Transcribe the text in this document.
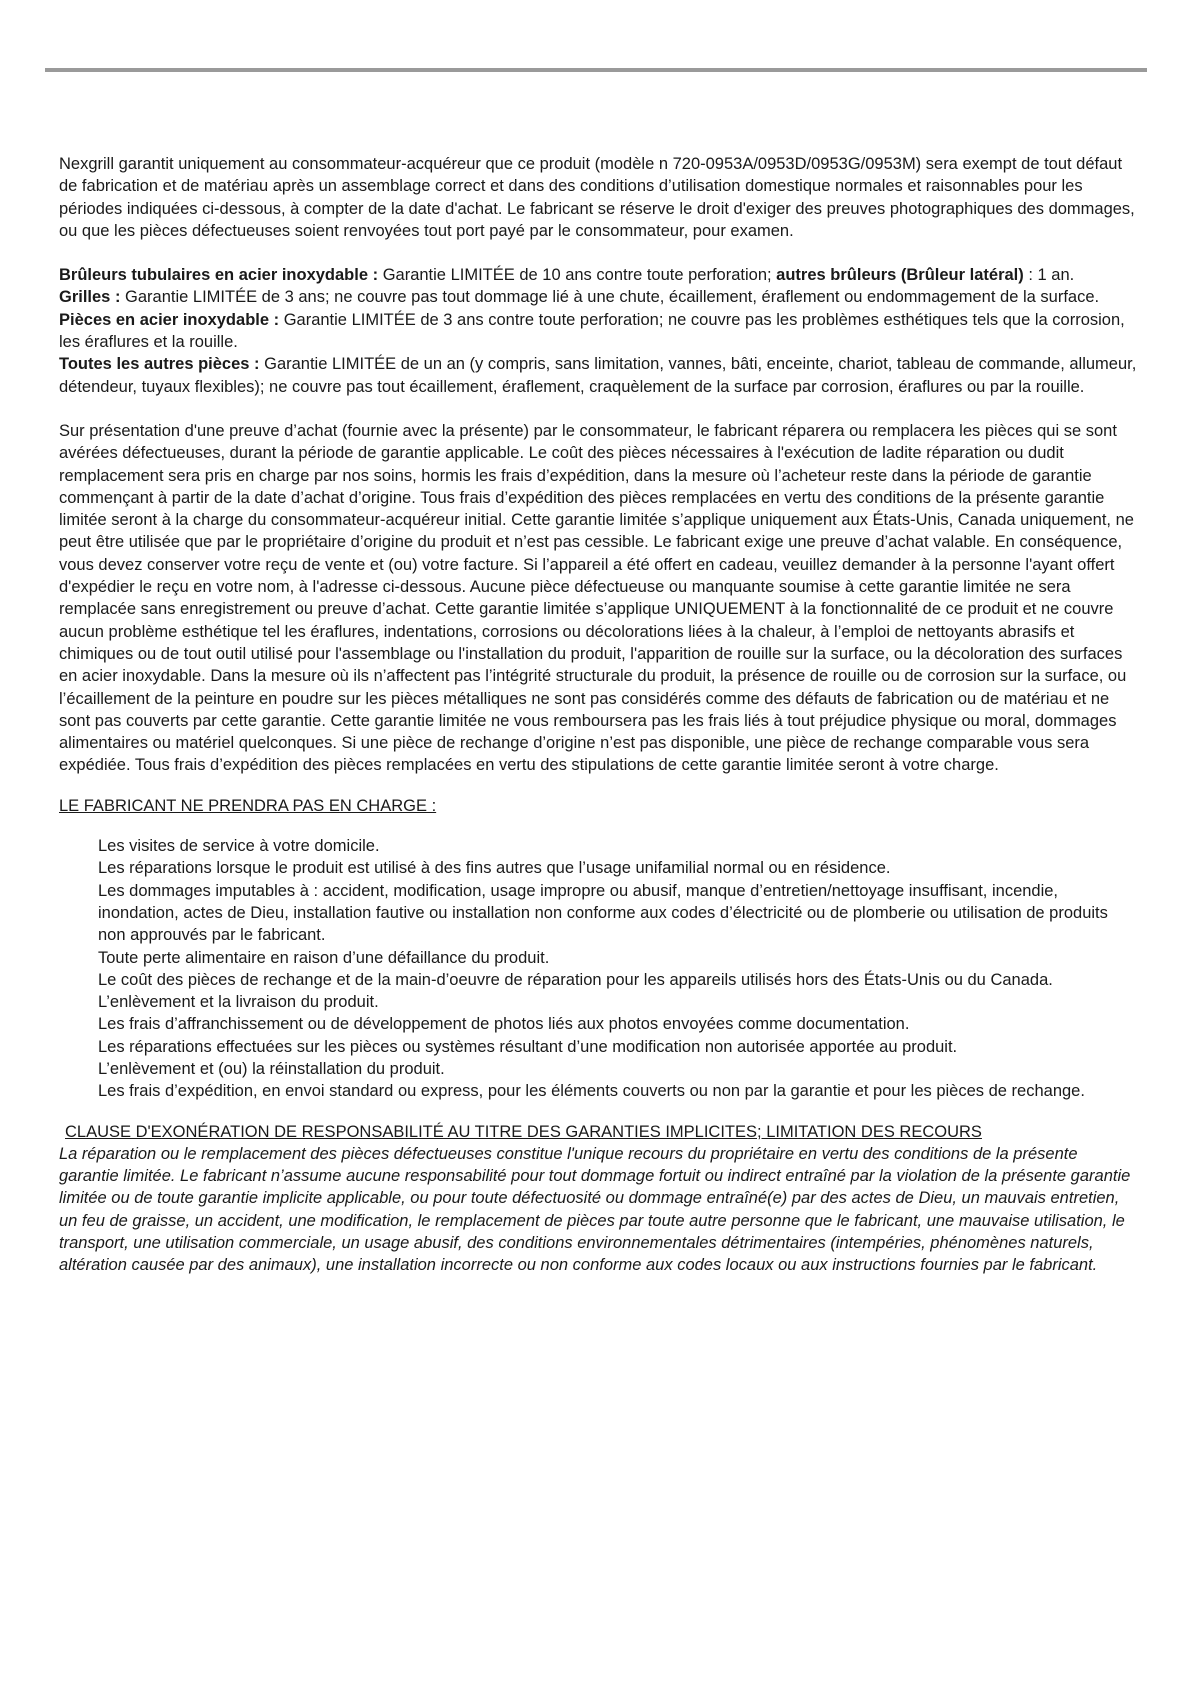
Nexgrill garantit uniquement au consommateur-acquéreur que ce produit (modèle n 720-0953A/0953D/0953G/0953M) sera exempt de tout défaut de fabrication et de matériau après un assemblage correct et dans des conditions d’utilisation domestique normales et raisonnables pour les périodes indiquées ci-dessous, à compter de la date d'achat. Le fabricant se réserve le droit d'exiger des preuves photographiques des dommages, ou que les pièces défectueuses soient renvoyées tout port payé par le consommateur, pour examen.

Brûleurs tubulaires en acier inoxydable : Garantie LIMITÉE de 10 ans contre toute perforation; autres brûleurs (Brûleur latéral) : 1 an.

Grilles : Garantie LIMITÉE de 3 ans; ne couvre pas tout dommage lié à une chute, écaillement, éraflement ou endommagement de la surface.

Pièces en acier inoxydable : Garantie LIMITÉE de 3 ans contre toute perforation; ne couvre pas les problèmes esthétiques tels que la corrosion, les éraflures et la rouille.

Toutes les autres pièces : Garantie LIMITÉE de un an (y compris, sans limitation, vannes, bâti, enceinte, chariot, tableau de commande, allumeur, détendeur, tuyaux flexibles); ne couvre pas tout écaillement, éraflement, craquèlement de la surface par corrosion, éraflures ou par la rouille.

Sur présentation d'une preuve d’achat (fournie avec la présente) par le consommateur, le fabricant réparera ou remplacera les pièces qui se sont avérées défectueuses, durant la période de garantie applicable. Le coût des pièces nécessaires à l'exécution de ladite réparation ou dudit remplacement sera pris en charge par nos soins, hormis les frais d’expédition, dans la mesure où l’acheteur reste dans la période de garantie commençant à partir de la date d’achat d’origine. Tous frais d’expédition des pièces remplacées en vertu des conditions de la présente garantie limitée seront à la charge du consommateur-acquéreur initial. Cette garantie limitée s’applique uniquement aux États-Unis, Canada uniquement, ne peut être utilisée que par le propriétaire d’origine du produit et n’est pas cessible. Le fabricant exige une preuve d’achat valable. En conséquence, vous devez conserver votre reçu de vente et (ou) votre facture. Si l’appareil a été offert en cadeau, veuillez demander à la personne l'ayant offert d'expédier le reçu en votre nom, à l'adresse ci-dessous. Aucune pièce défectueuse ou manquante soumise à cette garantie limitée ne sera remplacée sans enregistrement ou preuve d’achat. Cette garantie limitée s’applique UNIQUEMENT à la fonctionnalité de ce produit et ne couvre aucun problème esthétique tel les éraflures, indentations, corrosions ou décolorations liées à la chaleur, à l’emploi de nettoyants abrasifs et chimiques ou de tout outil utilisé pour l'assemblage ou l'installation du produit, l'apparition de rouille sur la surface, ou la décoloration des surfaces en acier inoxydable. Dans la mesure où ils n’affectent pas l’intégrité structurale du produit, la présence de rouille ou de corrosion sur la surface, ou l’écaillement de la peinture en poudre sur les pièces métalliques ne sont pas considérés comme des défauts de fabrication ou de matériau et ne sont pas couverts par cette garantie. Cette garantie limitée ne vous remboursera pas les frais liés à tout préjudice physique ou moral, dommages alimentaires ou matériel quelconques. Si une pièce de rechange d’origine n’est pas disponible, une pièce de rechange comparable vous sera expédiée. Tous frais d’expédition des pièces remplacées en vertu des stipulations de cette garantie limitée seront à votre charge.

LE FABRICANT NE PRENDRA PAS EN CHARGE :

Les visites de service à votre domicile.
Les réparations lorsque le produit est utilisé à des fins autres que l’usage unifamilial normal ou en résidence.
Les dommages imputables à : accident, modification, usage impropre ou abusif, manque d’entretien/nettoyage insuffisant, incendie, inondation, actes de Dieu, installation fautive ou installation non conforme aux codes d’électricité ou de plomberie ou utilisation de produits non approuvés par le fabricant.
Toute perte alimentaire en raison d’une défaillance du produit.
Le coût des pièces de rechange et de la main-d’oeuvre de réparation pour les appareils utilisés hors des États-Unis ou du Canada.
L’enlèvement et la livraison du produit.
Les frais d’affranchissement ou de développement de photos liés aux photos envoyées comme documentation.
Les réparations effectuées sur les pièces ou systèmes résultant d’une modification non autorisée apportée au produit.
L’enlèvement et (ou) la réinstallation du produit.
Les frais d’expédition, en envoi standard ou express, pour les éléments couverts ou non par la garantie et pour les pièces de rechange.

CLAUSE D'EXONÉRATION DE RESPONSABILITÉ AU TITRE DES GARANTIES IMPLICITES; LIMITATION DES RECOURS

La réparation ou le remplacement des pièces défectueuses constitue l'unique recours du propriétaire en vertu des conditions de la présente garantie limitée. Le fabricant n’assume aucune responsabilité pour tout dommage fortuit ou indirect entraîné par la violation de la présente garantie limitée ou de toute garantie implicite applicable, ou pour toute défectuosité ou dommage entraîné(e) par des actes de Dieu, un mauvais entretien, un feu de graisse, un accident, une modification, le remplacement de pièces par toute autre personne que le fabricant, une mauvaise utilisation, le transport, une utilisation commerciale, un usage abusif, des conditions environnementales détrimentaires (intempéries, phénomènes naturels, altération causée par des animaux), une installation incorrecte ou non conforme aux codes locaux ou aux instructions fournies par le fabricant.
